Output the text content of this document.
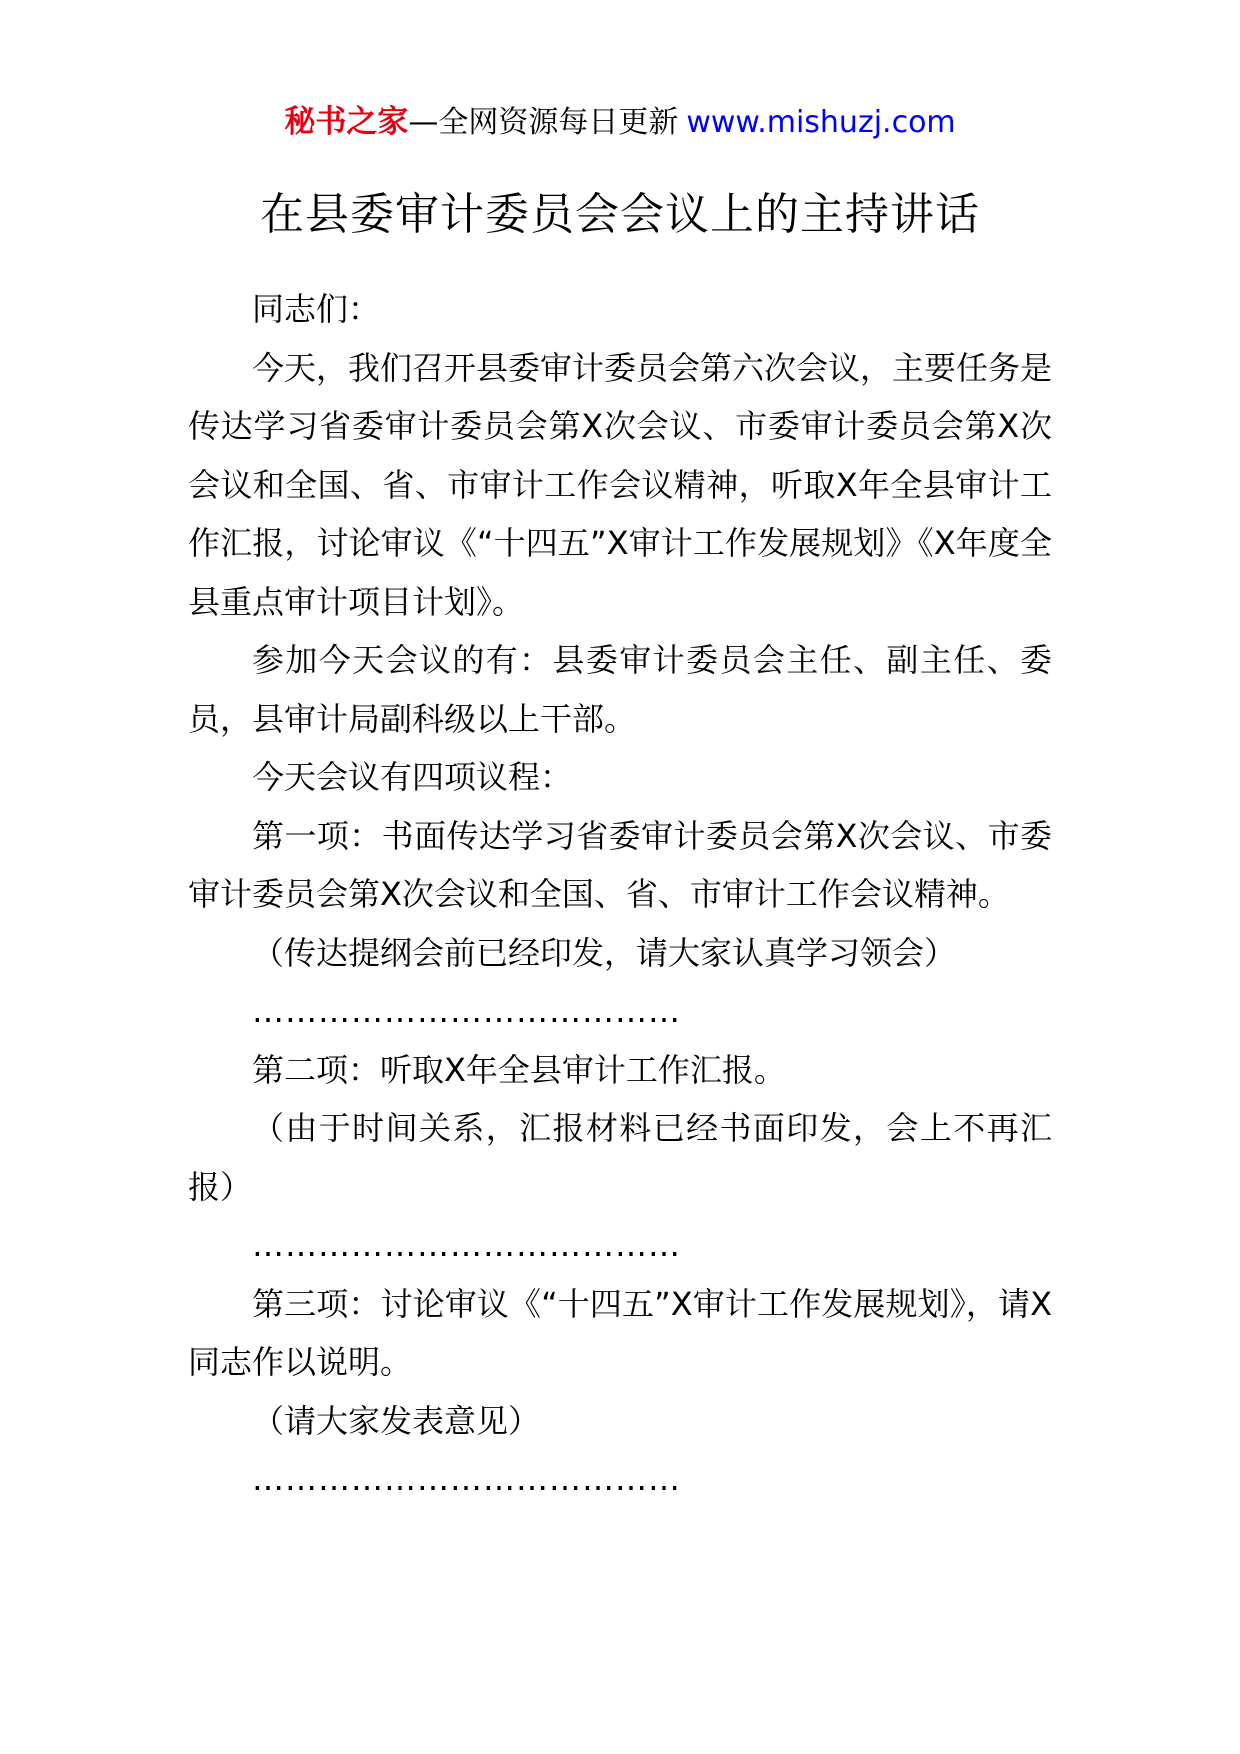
秘书之家—全网资源每日更新 www.mishuzj.com
在县委审计委员会会议上的主持讲话

同志们：

今天，我们召开县委审计委员会第六次会议，主要任务是传达学习省委审计委员会第X次会议、市委审计委员会第X次会议和全国、省、市审计工作会议精神，听取X年全县审计工作汇报，讨论审议《“十四五”X审计工作发展规划》《X年度全县重点审计项目计划》。

参加今天会议的有：县委审计委员会主任、副主任、委员，县审计局副科级以上干部。

今天会议有四项议程：

第一项：书面传达学习省委审计委员会第X次会议、市委审计委员会第X次会议和全国、省、市审计工作会议精神。

（传达提纲会前已经印发，请大家认真学习领会）

…………………………………

第二项：听取X年全县审计工作汇报。

（由于时间关系，汇报材料已经书面印发，会上不再汇报）

…………………………………

第三项：讨论审议《“十四五”X审计工作发展规划》，请X同志作以说明。

（请大家发表意见）

…………………………………
